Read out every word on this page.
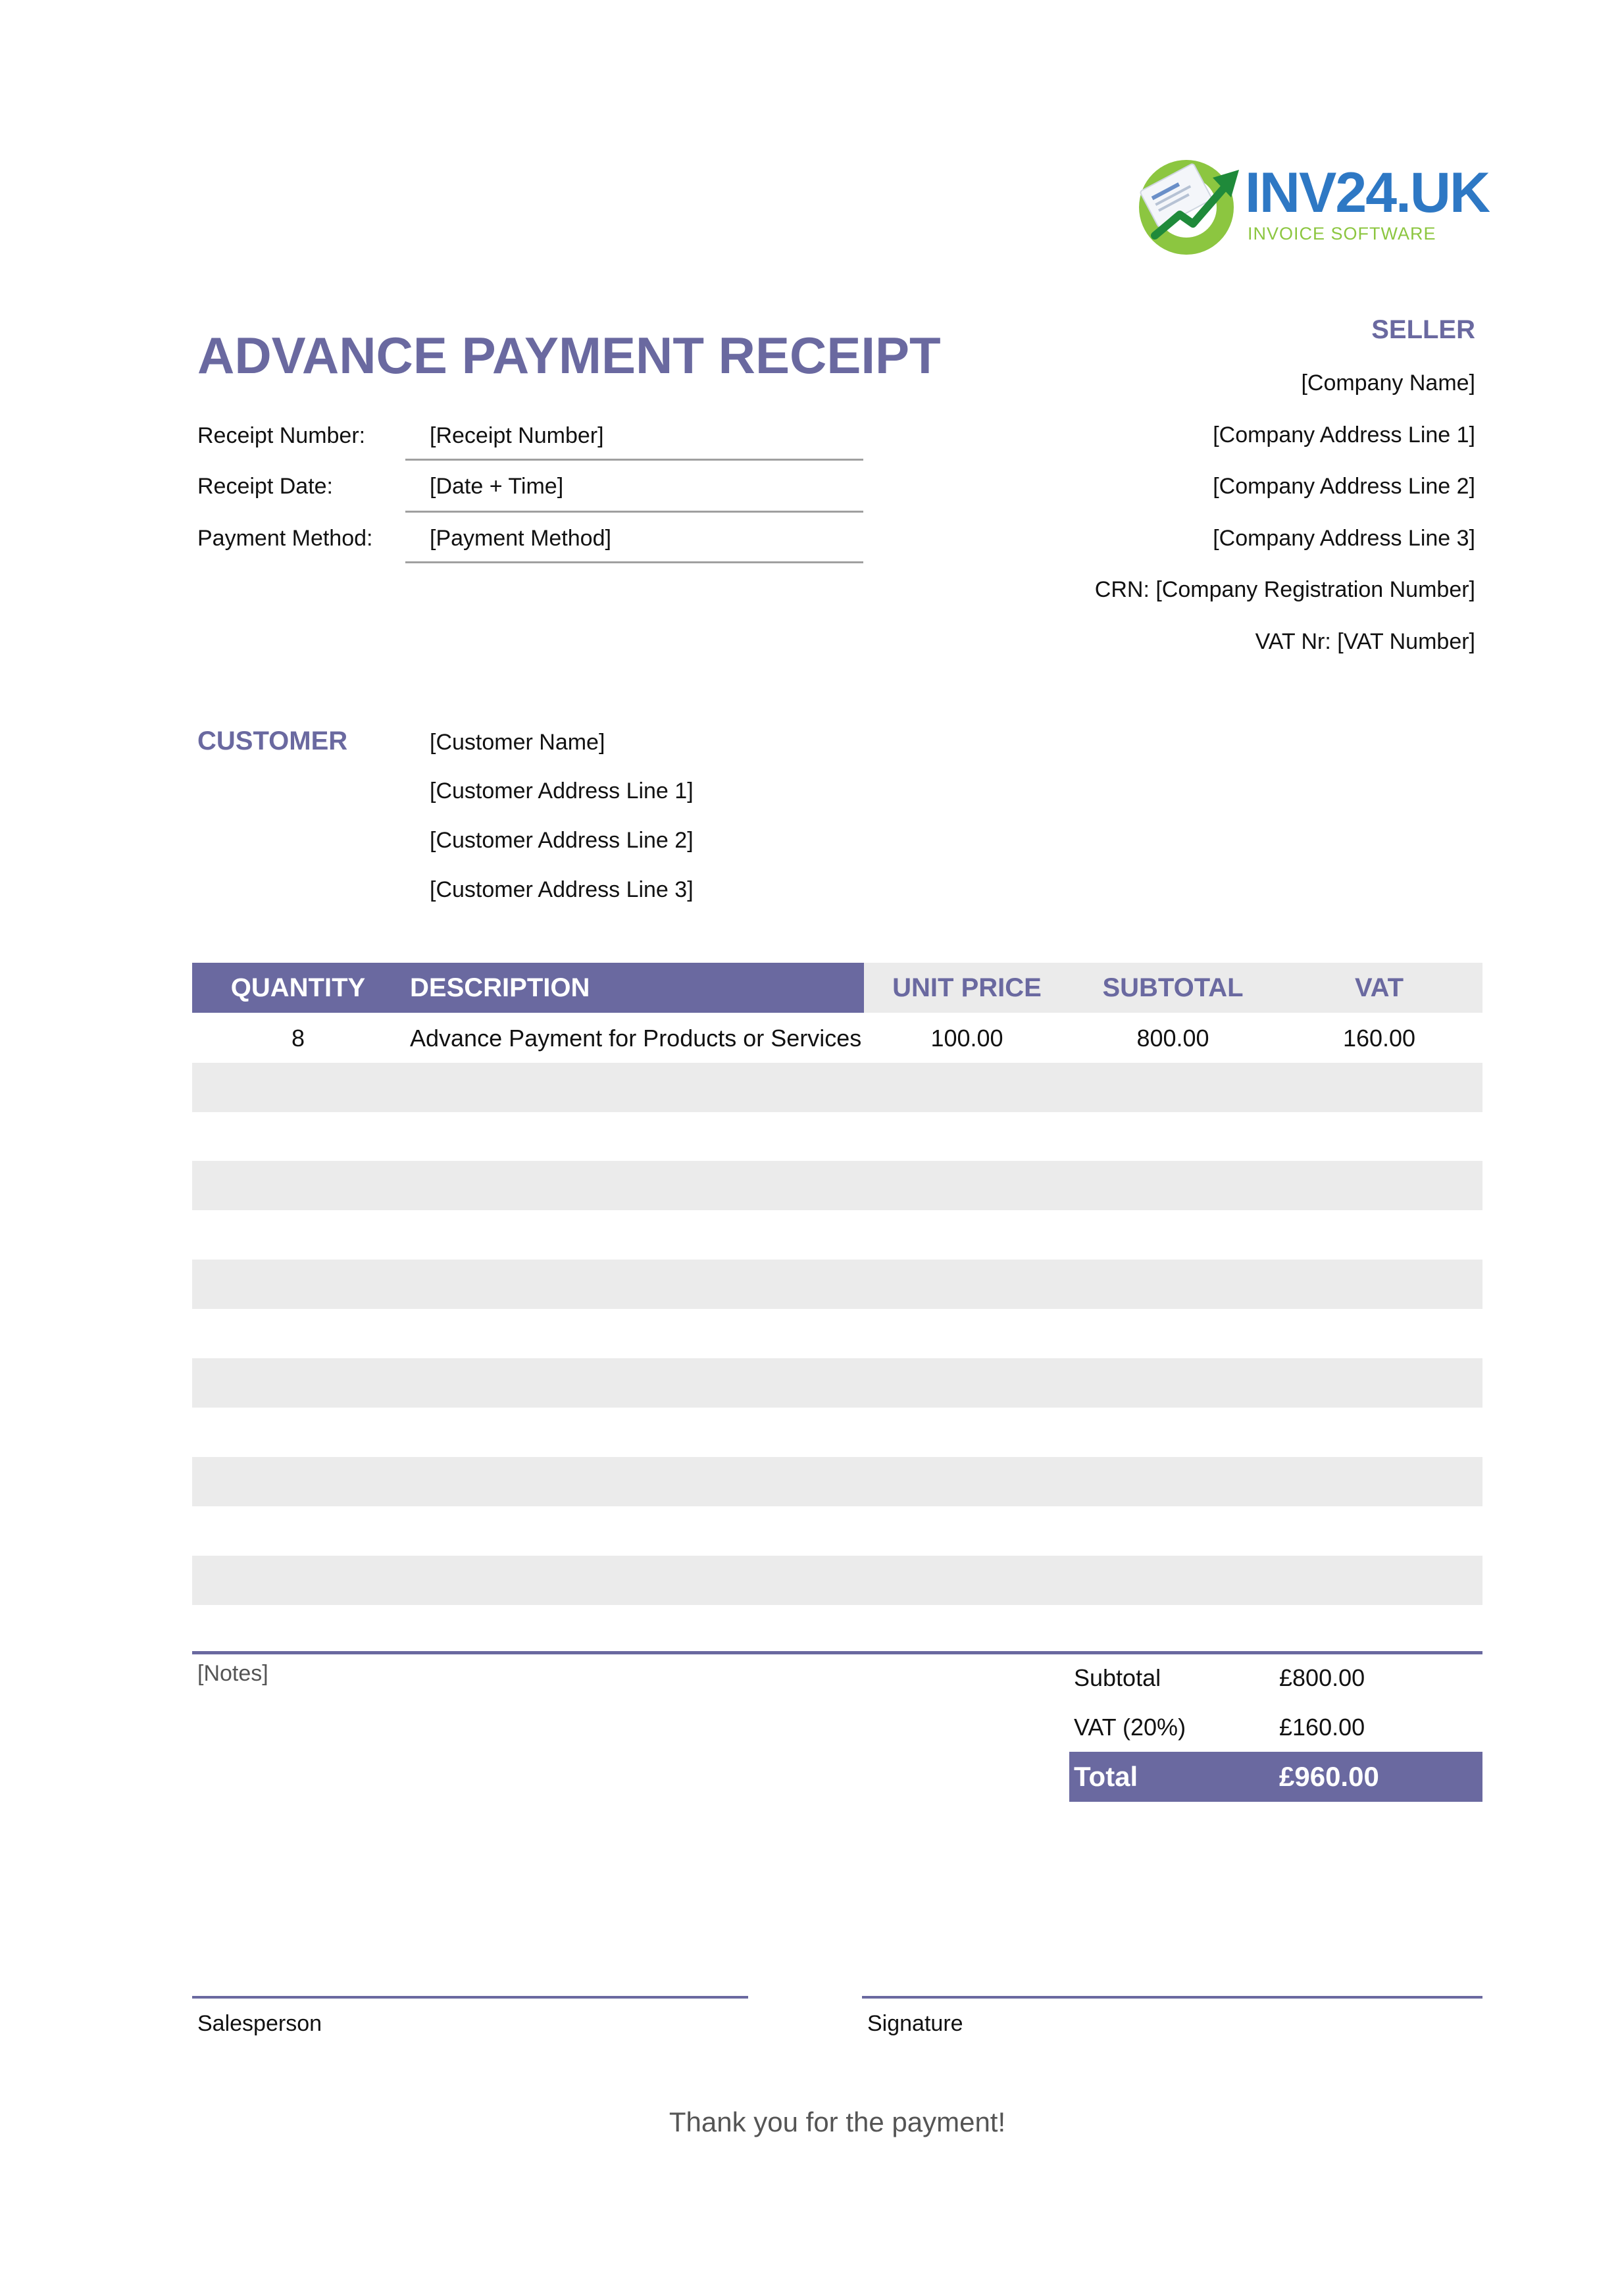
INV24.UK
INVOICE SOFTWARE
ADVANCE PAYMENT RECEIPT
Receipt Number:	[Receipt Number]
Receipt Date:	[Date + Time]
Payment Method:	[Payment Method]
SELLER
[Company Name]
[Company Address Line 1]
[Company Address Line 2]
[Company Address Line 3]
CRN: [Company Registration Number]
VAT Nr: [VAT Number]
CUSTOMER	[Customer Name]
[Customer Address Line 1]
[Customer Address Line 2]
[Customer Address Line 3]
QUANTITY	DESCRIPTION	UNIT PRICE	SUBTOTAL	VAT
8	Advance Payment for Products or Services	100.00	800.00	160.00
[Notes]	Subtotal	£800.00
VAT (20%)	£160.00
Total	£960.00
Salesperson	Signature
Thank you for the payment!
